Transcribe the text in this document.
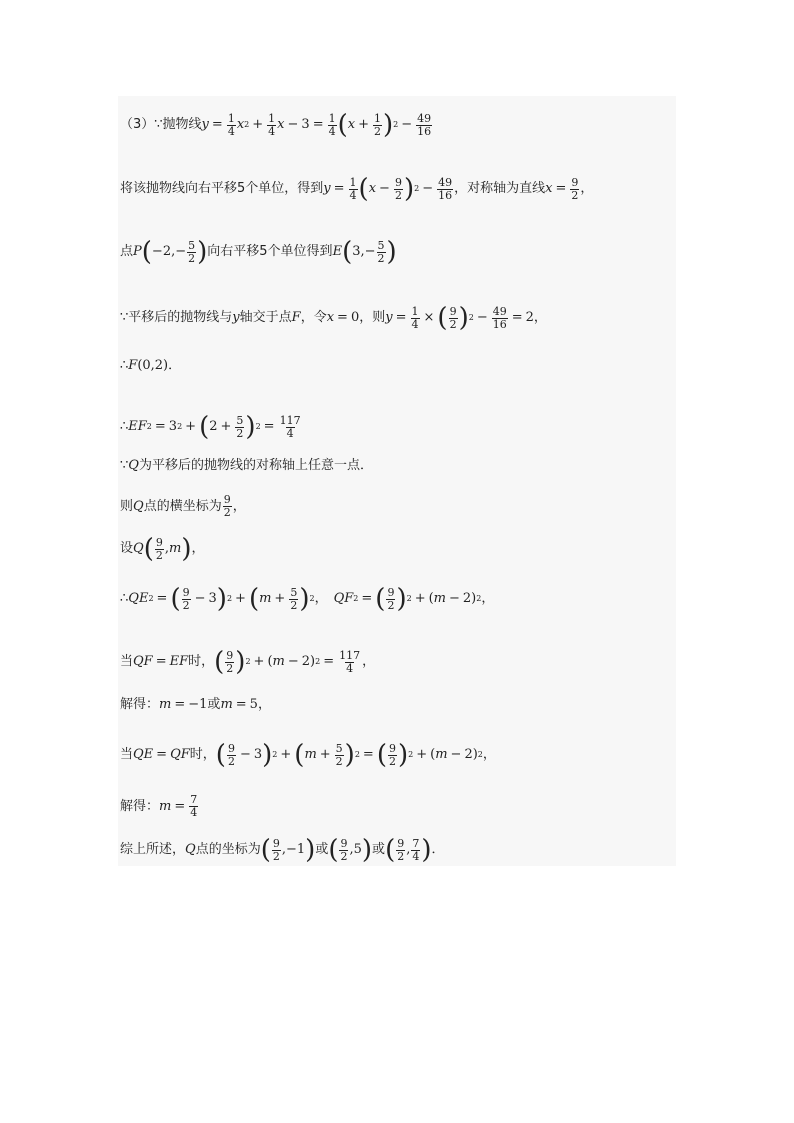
（3）∵抛物线 $y = \frac{1}{4}$ x $2 + \frac{1}{4}$ $x - 3 = \frac{1}{4}$ ( $x + \frac{1}{2}$ ) $2 - \frac{49}{16}$
将该抛物线向右平移5个单位，得到 $y = \frac{1}{4}$ ( $x - \frac{9}{2}$ ) $2 - \frac{49}{16}$ ，对称轴为直线 $x = \frac{9}{2}$ ，
点 P ( $-2,- \frac{5}{2}$ ) 向右平移5个单位得到 E ( $3,- \frac{5}{2}$ )
∵平移后的抛物线与 y 轴交于点 F ，令 x = 0 ，则 $y = \frac{1}{4}$ × ( $\frac{9}{2}$ ) $2 - \frac{49}{16} = 2$，
∴ F (0,2)．
∴ EF 2 = 3 2 + ( $2 + \frac{5}{2}$ ) $2 = \frac{117}{4}$
∵ Q 为平移后的抛物线的对称轴上任意一点．
则 Q 点的横坐标为 $\frac{9}{2}$ ，
设 Q ( $\frac{9}{2}$ , m ) ，
∴ QE 2 = ( $\frac{9}{2} - 3$ ) 2 + ( $m + \frac{5}{2}$ ) 2 ， QF 2 = ( $\frac{9}{2}$ ) 2 + ( m − 2) 2 ，
当 QF = EF 时， ( $\frac{9}{2}$ ) 2 + ( m − 2) $2 = \frac{117}{4}$ ，
解得： m = −1 或 m = 5，
当 QE = QF 时， ( $\frac{9}{2} - 3$ ) 2 + ( $m + \frac{5}{2}$ ) 2 = ( $\frac{9}{2}$ ) 2 + ( m − 2) 2 ，
解得： $m = \frac{7}{4}$
综上所述， Q 点的坐标为 ( $\frac{9}{2} ,-1$ ) 或 ( $\frac{9}{2} ,5$ ) 或 ( $\frac{9}{2}$ , $\frac{7}{4}$ ) ．
